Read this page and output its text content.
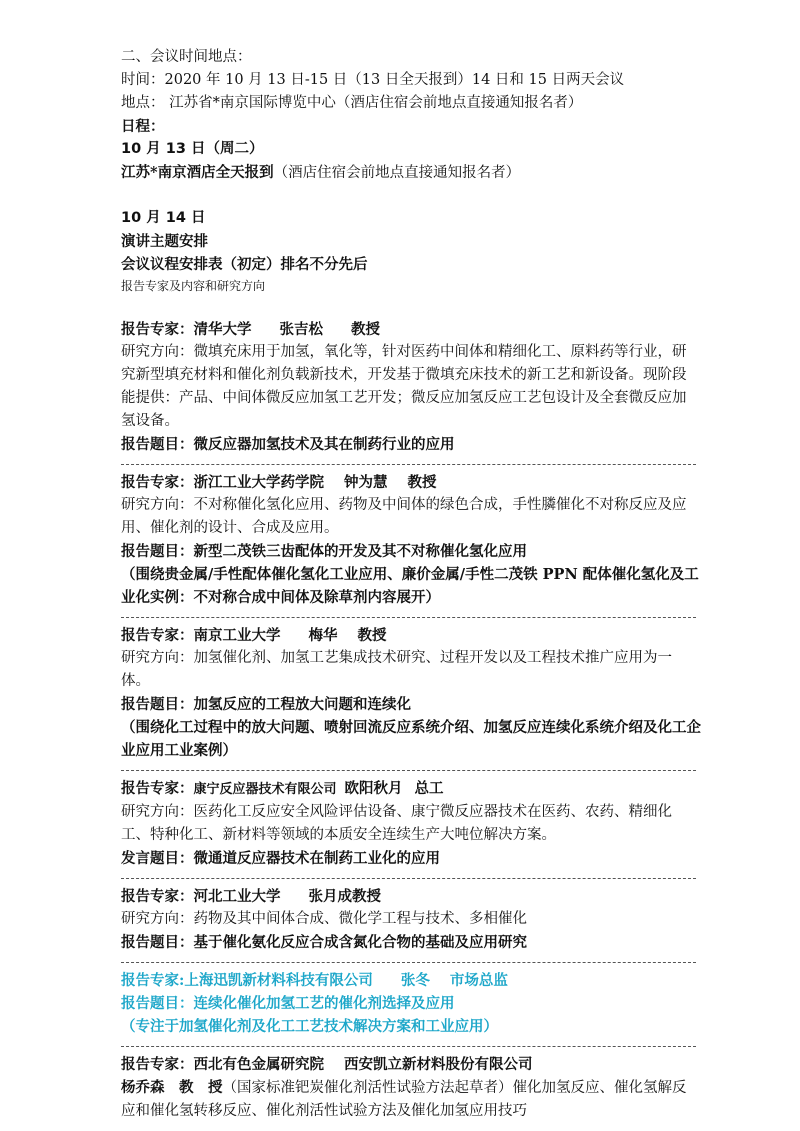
二、会议时间地点：
时间：2020 年 10 月 13 日-15 日（13 日全天报到）14 日和 15 日两天会议
地点： 江苏省*南京国际博览中心（酒店住宿会前地点直接通知报名者）
日程：
10 月 13 日（周二）
江苏*南京酒店全天报到（酒店住宿会前地点直接通知报名者）
10 月 14 日
演讲主题安排
会议议程安排表（初定）排名不分先后
报告专家及内容和研究方向
报告专家：清华大学 张吉松 教授
研究方向：微填充床用于加氢，氧化等，针对医药中间体和精细化工、原料药等行业，研究新型填充材料和催化剂负载新技术，开发基于微填充床技术的新工艺和新设备。现阶段能提供：产品、中间体微反应加氢工艺开发；微反应加氢反应工艺包设计及全套微反应加氢设备。
报告题目：微反应器加氢技术及其在制药行业的应用
报告专家：浙江工业大学药学院 钟为慧 教授
研究方向：不对称催化氢化应用、药物及中间体的绿色合成，手性膦催化不对称反应及应用、催化剂的设计、合成及应用。
报告题目：新型二茂铁三齿配体的开发及其不对称催化氢化应用
（围绕贵金属/手性配体催化氢化工业应用、廉价金属/手性二茂铁 PPN 配体催化氢化及工业化实例：不对称合成中间体及除草剂内容展开）
报告专家：南京工业大学 梅华 教授
研究方向：加氢催化剂、加氢工艺集成技术研究、过程开发以及工程技术推广应用为一体。
报告题目：加氢反应的工程放大问题和连续化
（围绕化工过程中的放大问题、喷射回流反应系统介绍、加氢反应连续化系统介绍及化工企业应用工业案例）
报告专家：康宁反应器技术有限公司 欧阳秋月 总工
研究方向：医药化工反应安全风险评估设备、康宁微反应器技术在医药、农药、精细化工、特种化工、新材料等领域的本质安全连续生产大吨位解决方案。
发言题目：微通道反应器技术在制药工业化的应用
报告专家：河北工业大学 张月成教授
研究方向：药物及其中间体合成、微化学工程与技术、多相催化
报告题目：基于催化氨化反应合成含氮化合物的基础及应用研究
报告专家:上海迅凯新材料科技有限公司 张冬 市场总监
报告题目：连续化催化加氢工艺的催化剂选择及应用
（专注于加氢催化剂及化工工艺技术解决方案和工业应用）
报告专家：西北有色金属研究院 西安凯立新材料股份有限公司
杨乔森　教　授（国家标准钯炭催化剂活性试验方法起草者）催化加氢反应、催化氢解反应和催化氢转移反应、催化剂活性试验方法及催化加氢应用技巧
